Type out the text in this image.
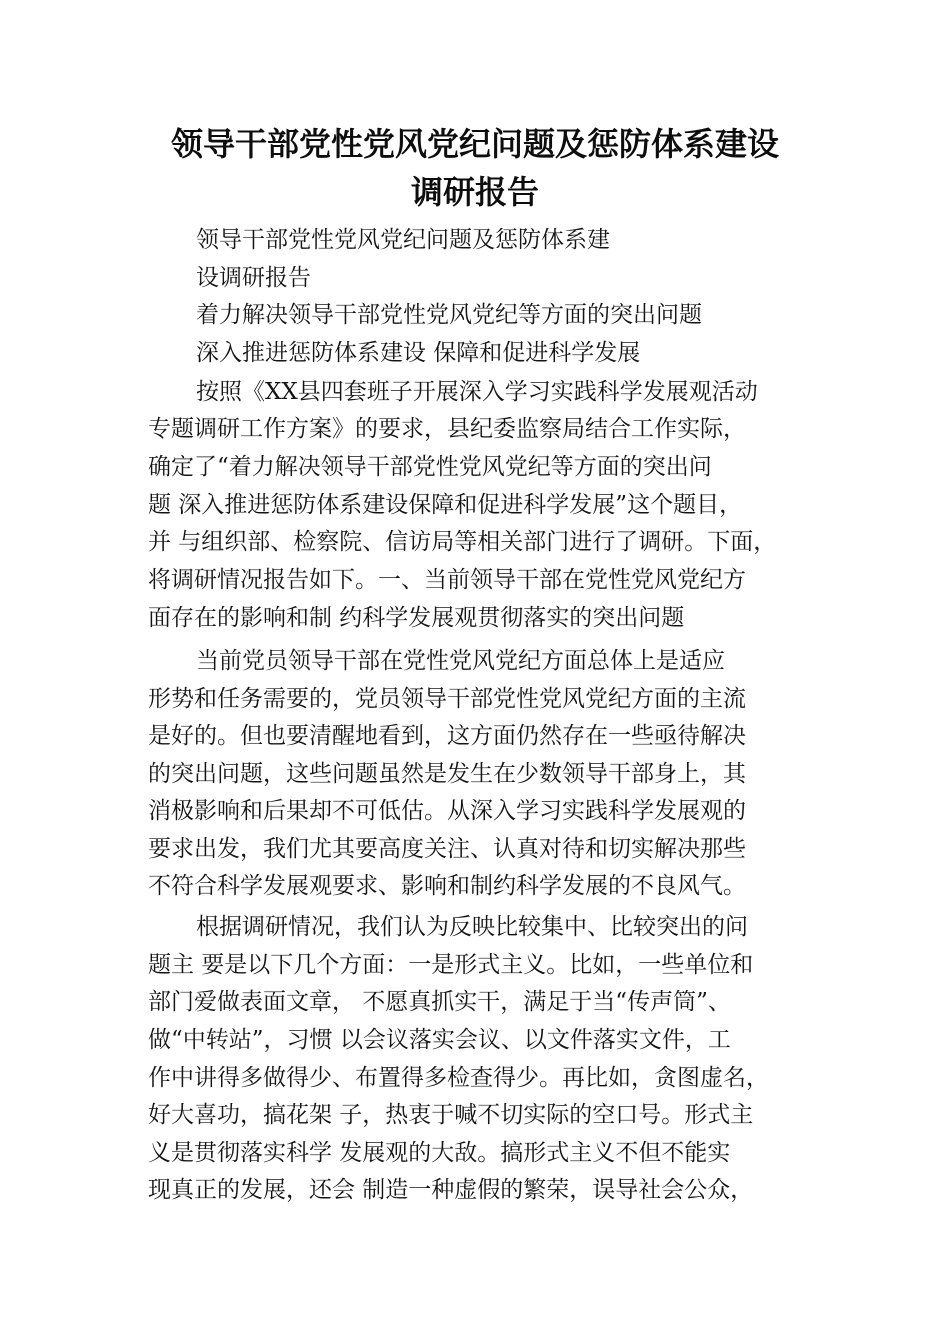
领导干部党性党风党纪问题及惩防体系建设
调研报告
领导干部党性党风党纪问题及惩防体系建
设调研报告
着力解决领导干部党性党风党纪等方面的突出问题
深入推进惩防体系建设 保障和促进科学发展
按照《XX县四套班子开展深入学习实践科学发展观活动
专题调研工作方案》的要求，县纪委监察局结合工作实际，
确定了“着力解决领导干部党性党风党纪等方面的突出问
题 深入推进惩防体系建设保障和促进科学发展”这个题目，
并 与组织部、检察院、信访局等相关部门进行了调研。下面，
将调研情况报告如下。一、当前领导干部在党性党风党纪方
面存在的影响和制 约科学发展观贯彻落实的突出问题
当前党员领导干部在党性党风党纪方面总体上是适应
形势和任务需要的，党员领导干部党性党风党纪方面的主流
是好的。但也要清醒地看到，这方面仍然存在一些亟待解决
的突出问题，这些问题虽然是发生在少数领导干部身上，其
消极影响和后果却不可低估。从深入学习实践科学发展观的
要求出发，我们尤其要高度关注、认真对待和切实解决那些
不符合科学发展观要求、影响和制约科学发展的不良风气。
根据调研情况，我们认为反映比较集中、比较突出的问
题主 要是以下几个方面：一是形式主义。比如，一些单位和
部门爱做表面文章， 不愿真抓实干，满足于当“传声筒”、
做“中转站”，习惯 以会议落实会议、以文件落实文件，工
作中讲得多做得少、布置得多检查得少。再比如，贪图虚名，
好大喜功，搞花架 子，热衷于喊不切实际的空口号。形式主
义是贯彻落实科学 发展观的大敌。搞形式主义不但不能实
现真正的发展，还会 制造一种虚假的繁荣，误导社会公众，
